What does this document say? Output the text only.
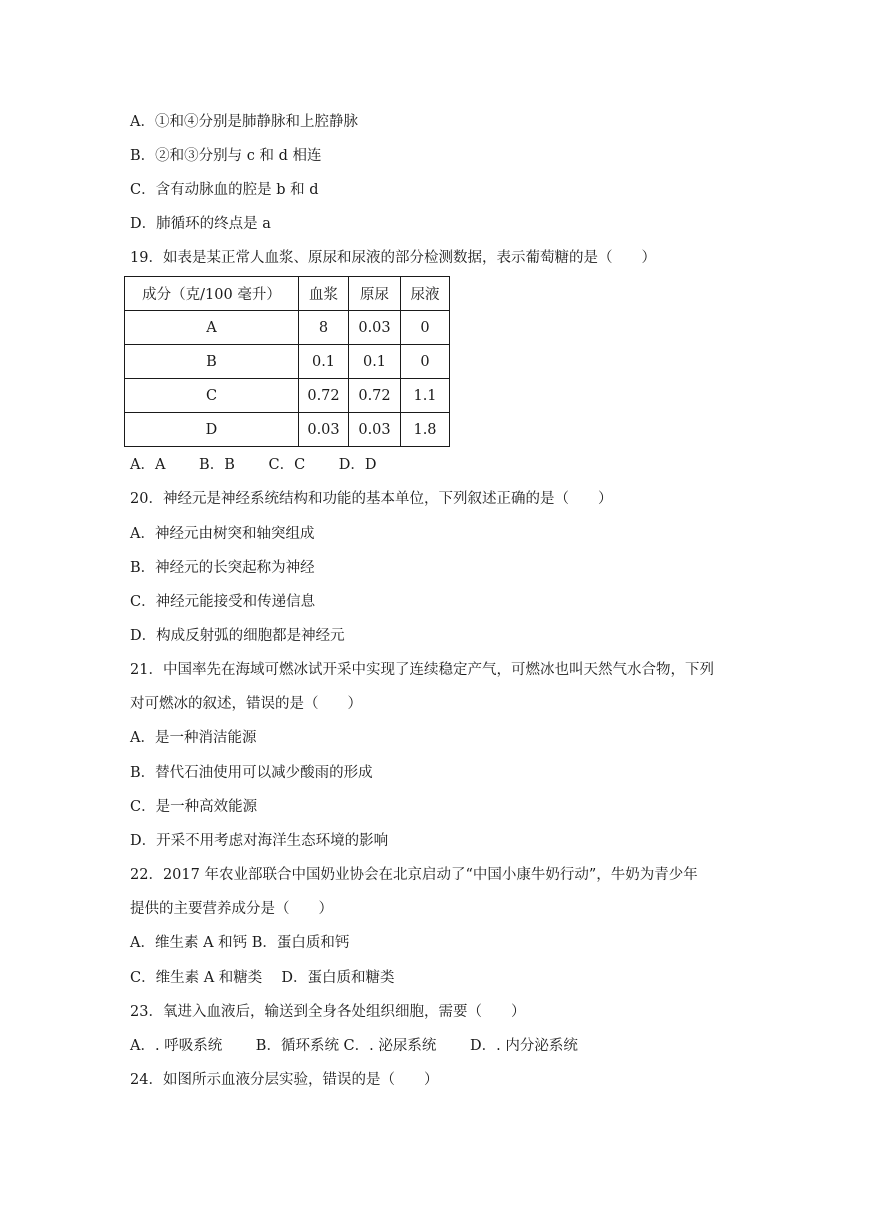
A．①和④分别是肺静脉和上腔静脉
B．②和③分别与 c 和 d 相连
C．含有动脉血的腔是 b 和 d
D．肺循环的终点是 a
19．如表是某正常人血浆、原尿和尿液的部分检测数据，表示葡萄糖的是（　　）
成分（克/100 毫升）	血浆	原尿	尿液
A	8	0.03	0
B	0.1	0.1	0
C	0.72	0.72	1.1
D	0.03	0.03	1.8
A．A　　 B．B　　 C．C　　 D．D
20．神经元是神经系统结构和功能的基本单位，下列叙述正确的是（　　）
A．神经元由树突和轴突组成
B．神经元的长突起称为神经
C．神经元能接受和传递信息
D．构成反射弧的细胞都是神经元
21．中国率先在海域可燃冰试开采中实现了连续稳定产气，可燃冰也叫天然气水合物，下列
对可燃冰的叙述，错误的是（　　）
A．是一种消洁能源
B．替代石油使用可以减少酸雨的形成
C．是一种高效能源
D．开采不用考虑对海洋生态环境的影响
22．2017 年农业部联合中国奶业协会在北京启动了“中国小康牛奶行动”，牛奶为青少年
提供的主要营养成分是（　　）
A．维生素 A 和钙 B．蛋白质和钙
C．维生素 A 和糖类　 D．蛋白质和糖类
23．氧进入血液后，输送到全身各处组织细胞，需要（　　）
A．. 呼吸系统　　 B．循环系统 C．. 泌尿系统　　 D．. 内分泌系统
24．如图所示血液分层实验，错误的是（　　）
